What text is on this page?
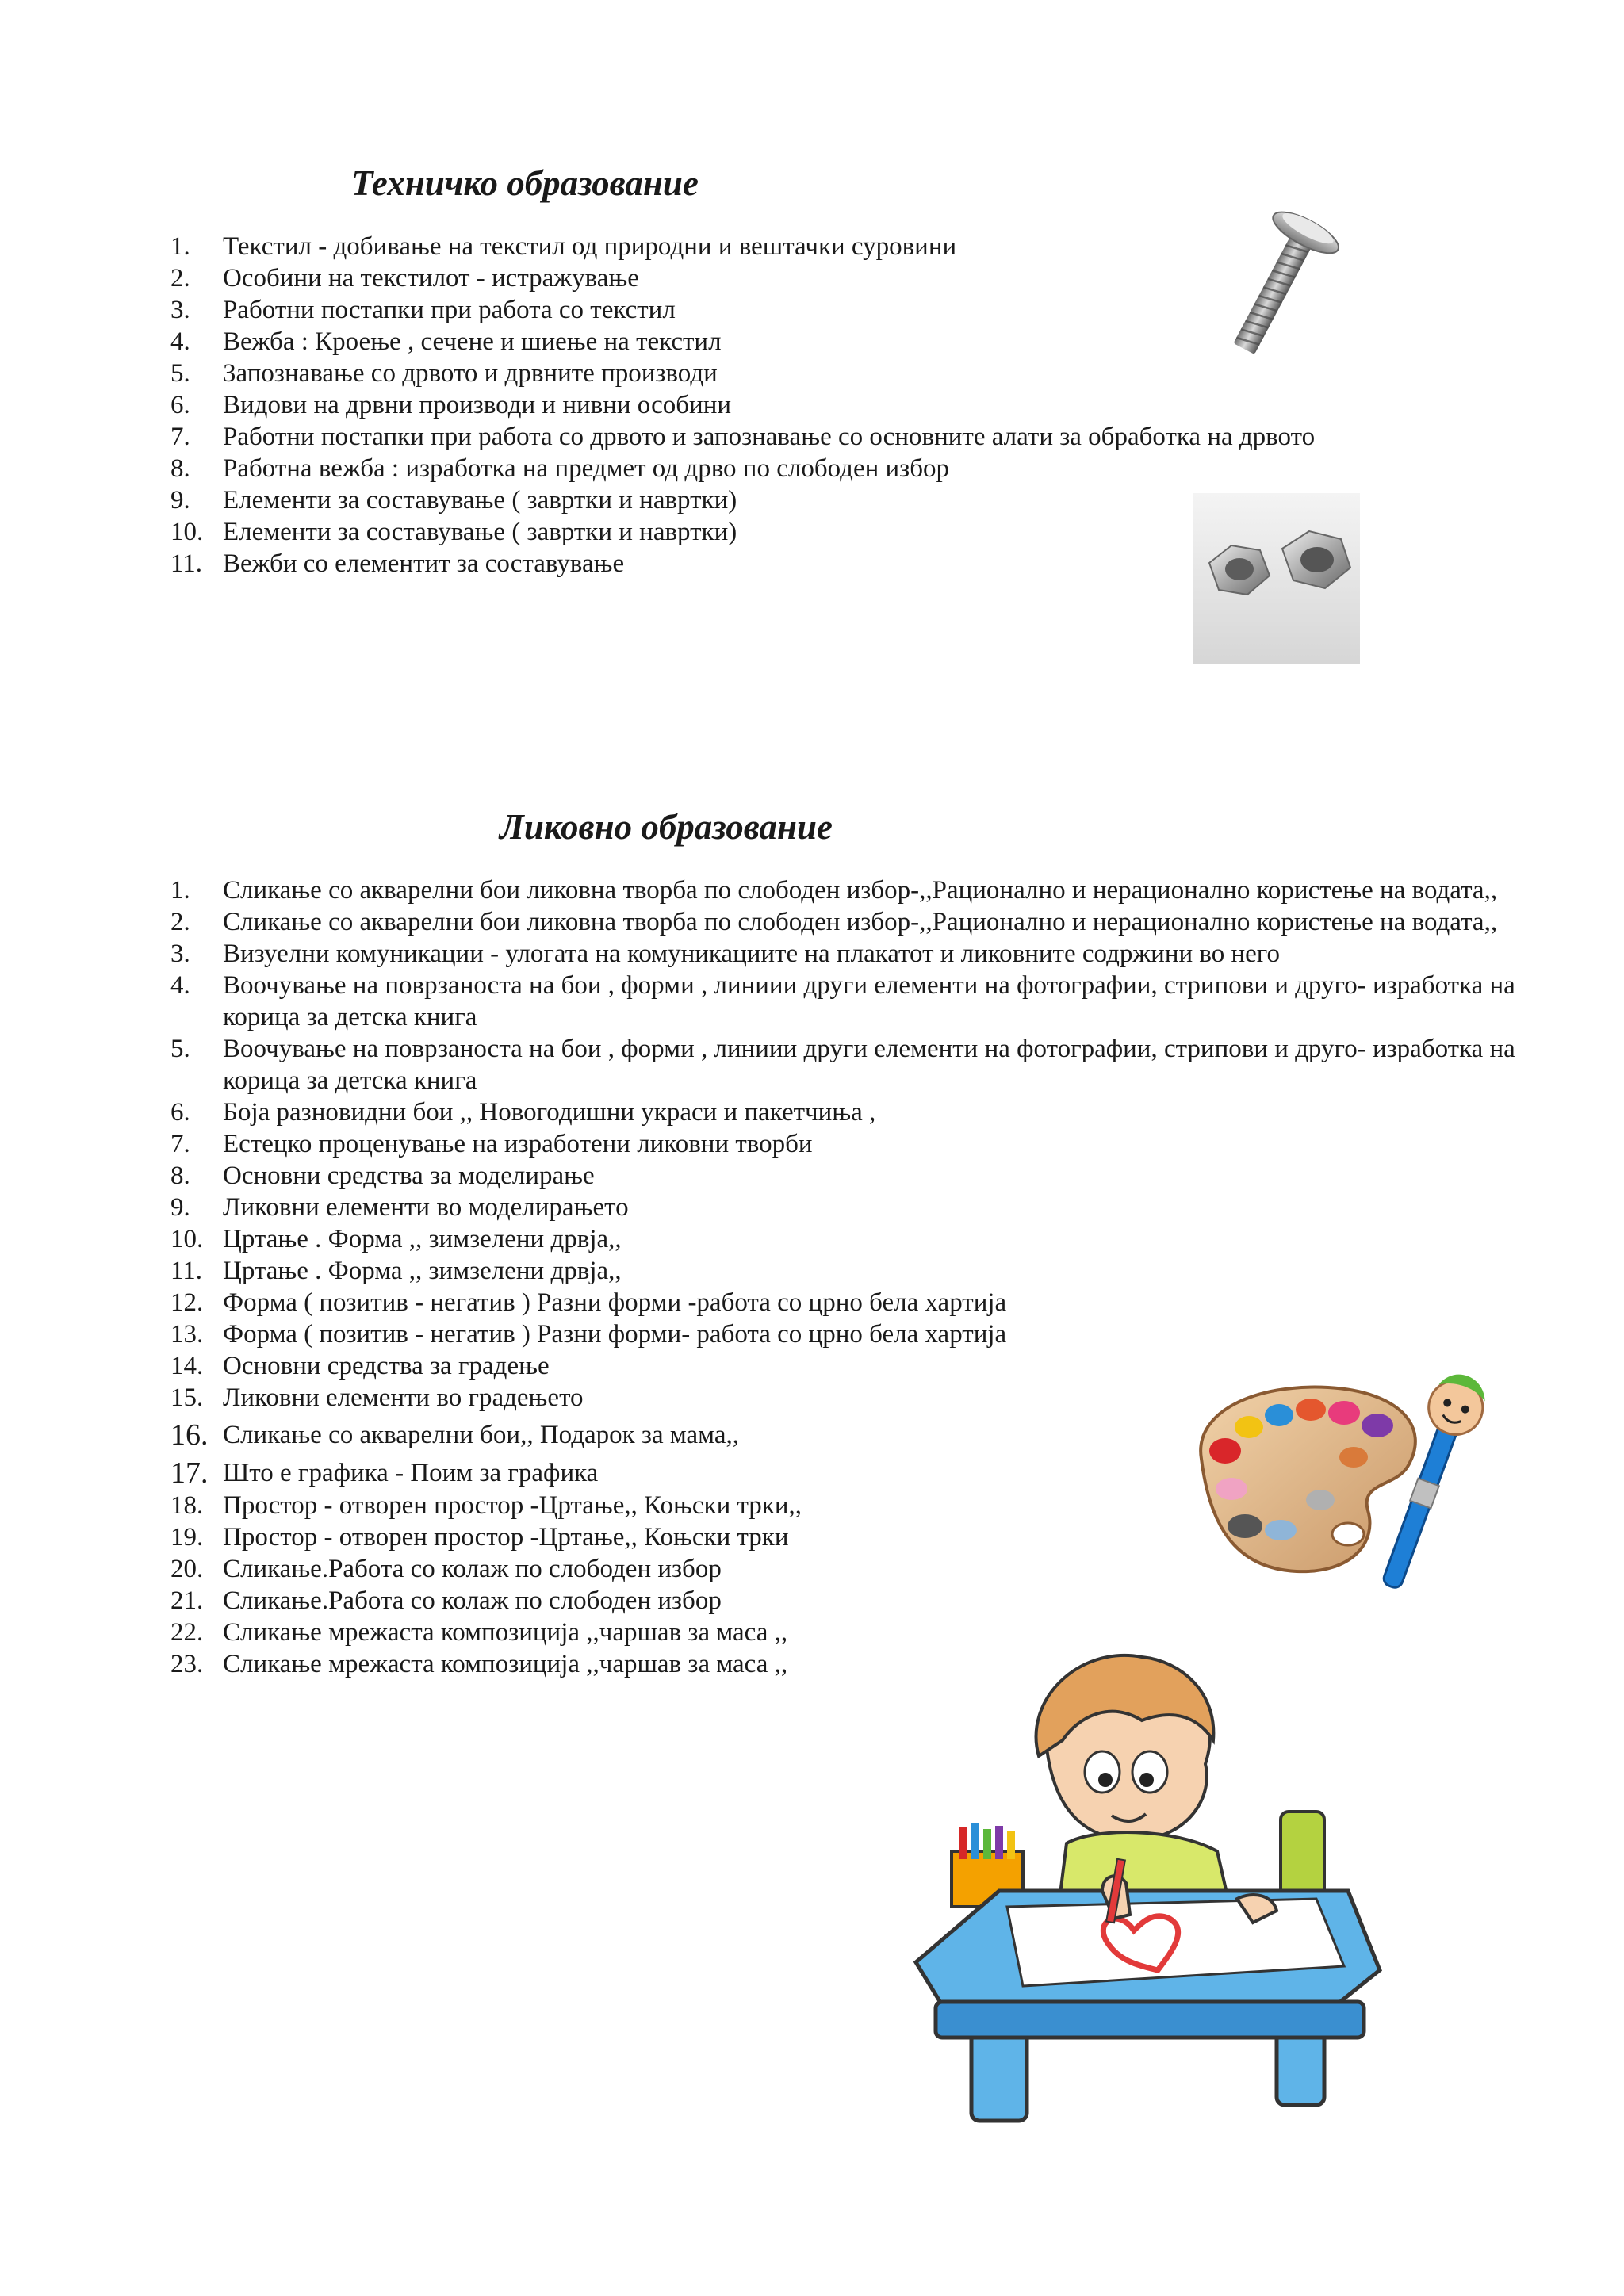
Техничко образование
1.	Текстил - добивање на текстил од природни и вештачки суровини
2.	Особини на текстилот - истражување
3.	Работни постапки при работа со текстил
4.	Вежба : Кроење , сечене и шиење на текстил
5.	Запознавање со дрвото и дрвните производи
6.	Видови на дрвни производи и нивни особини
7.	Работни постапки при работа со дрвото и запознавање со основните алати за обработка на дрвото
8.	Работна вежба : изработка на предмет од дрво по слободен избор
9.	Елементи за составување ( завртки и навртки)
10. Елементи за составување ( завртки и навртки)
11. Вежби со елементит за составување
Ликовно образование
1.	Сликање со акварелни бои ликовна творба по слободен избор-,,Рационално и нерационално користење на водата,,
2.	Сликање со акварелни бои ликовна творба по слободен избор-,,Рационално и нерационално користење на водата,,
3.	Визуелни комуникации - улогата на комуникациите на плакатот и ликовните содржини во него
4.	Воочување на поврзаноста на бои , форми , линиии други елементи на фотографии, стрипови и друго- изработка на корица за детска книга
5.	Воочување на поврзаноста на бои , форми , линиии други елементи на фотографии, стрипови и друго- изработка на корица за детска книга
6.	Боја разновидни бои ,, Новогодишни украси и пакетчиња ,
7.	Естецко проценување на изработени ликовни творби
8.	Основни средства за моделирање
9.	Ликовни елементи во моделирањето
10. Цртање . Форма ,, зимзелени дрвја,,
11. Цртање . Форма ,, зимзелени дрвја,,
12. Форма ( позитив - негатив ) Разни форми -работа со црно бела хартија
13. Форма ( позитив - негатив ) Разни форми- работа со црно бела хартија
14. Основни средства за градење
15. Ликовни елементи во градењето
16. Сликање со акварелни бои,, Подарок за мама,,
17. Што е графика - Поим за графика
18. Простор - отворен простор -Цртање,, Коњски трки,,
19. Простор - отворен простор -Цртање,, Коњски трки
20. Сликање.Работа со колаж по слободен избор
21. Сликање.Работа со колаж по слободен избор
22. Сликање мрежаста композиција ,,чаршав за маса ,,
23. Сликање мрежаста композиција ,,чаршав за маса ,,
